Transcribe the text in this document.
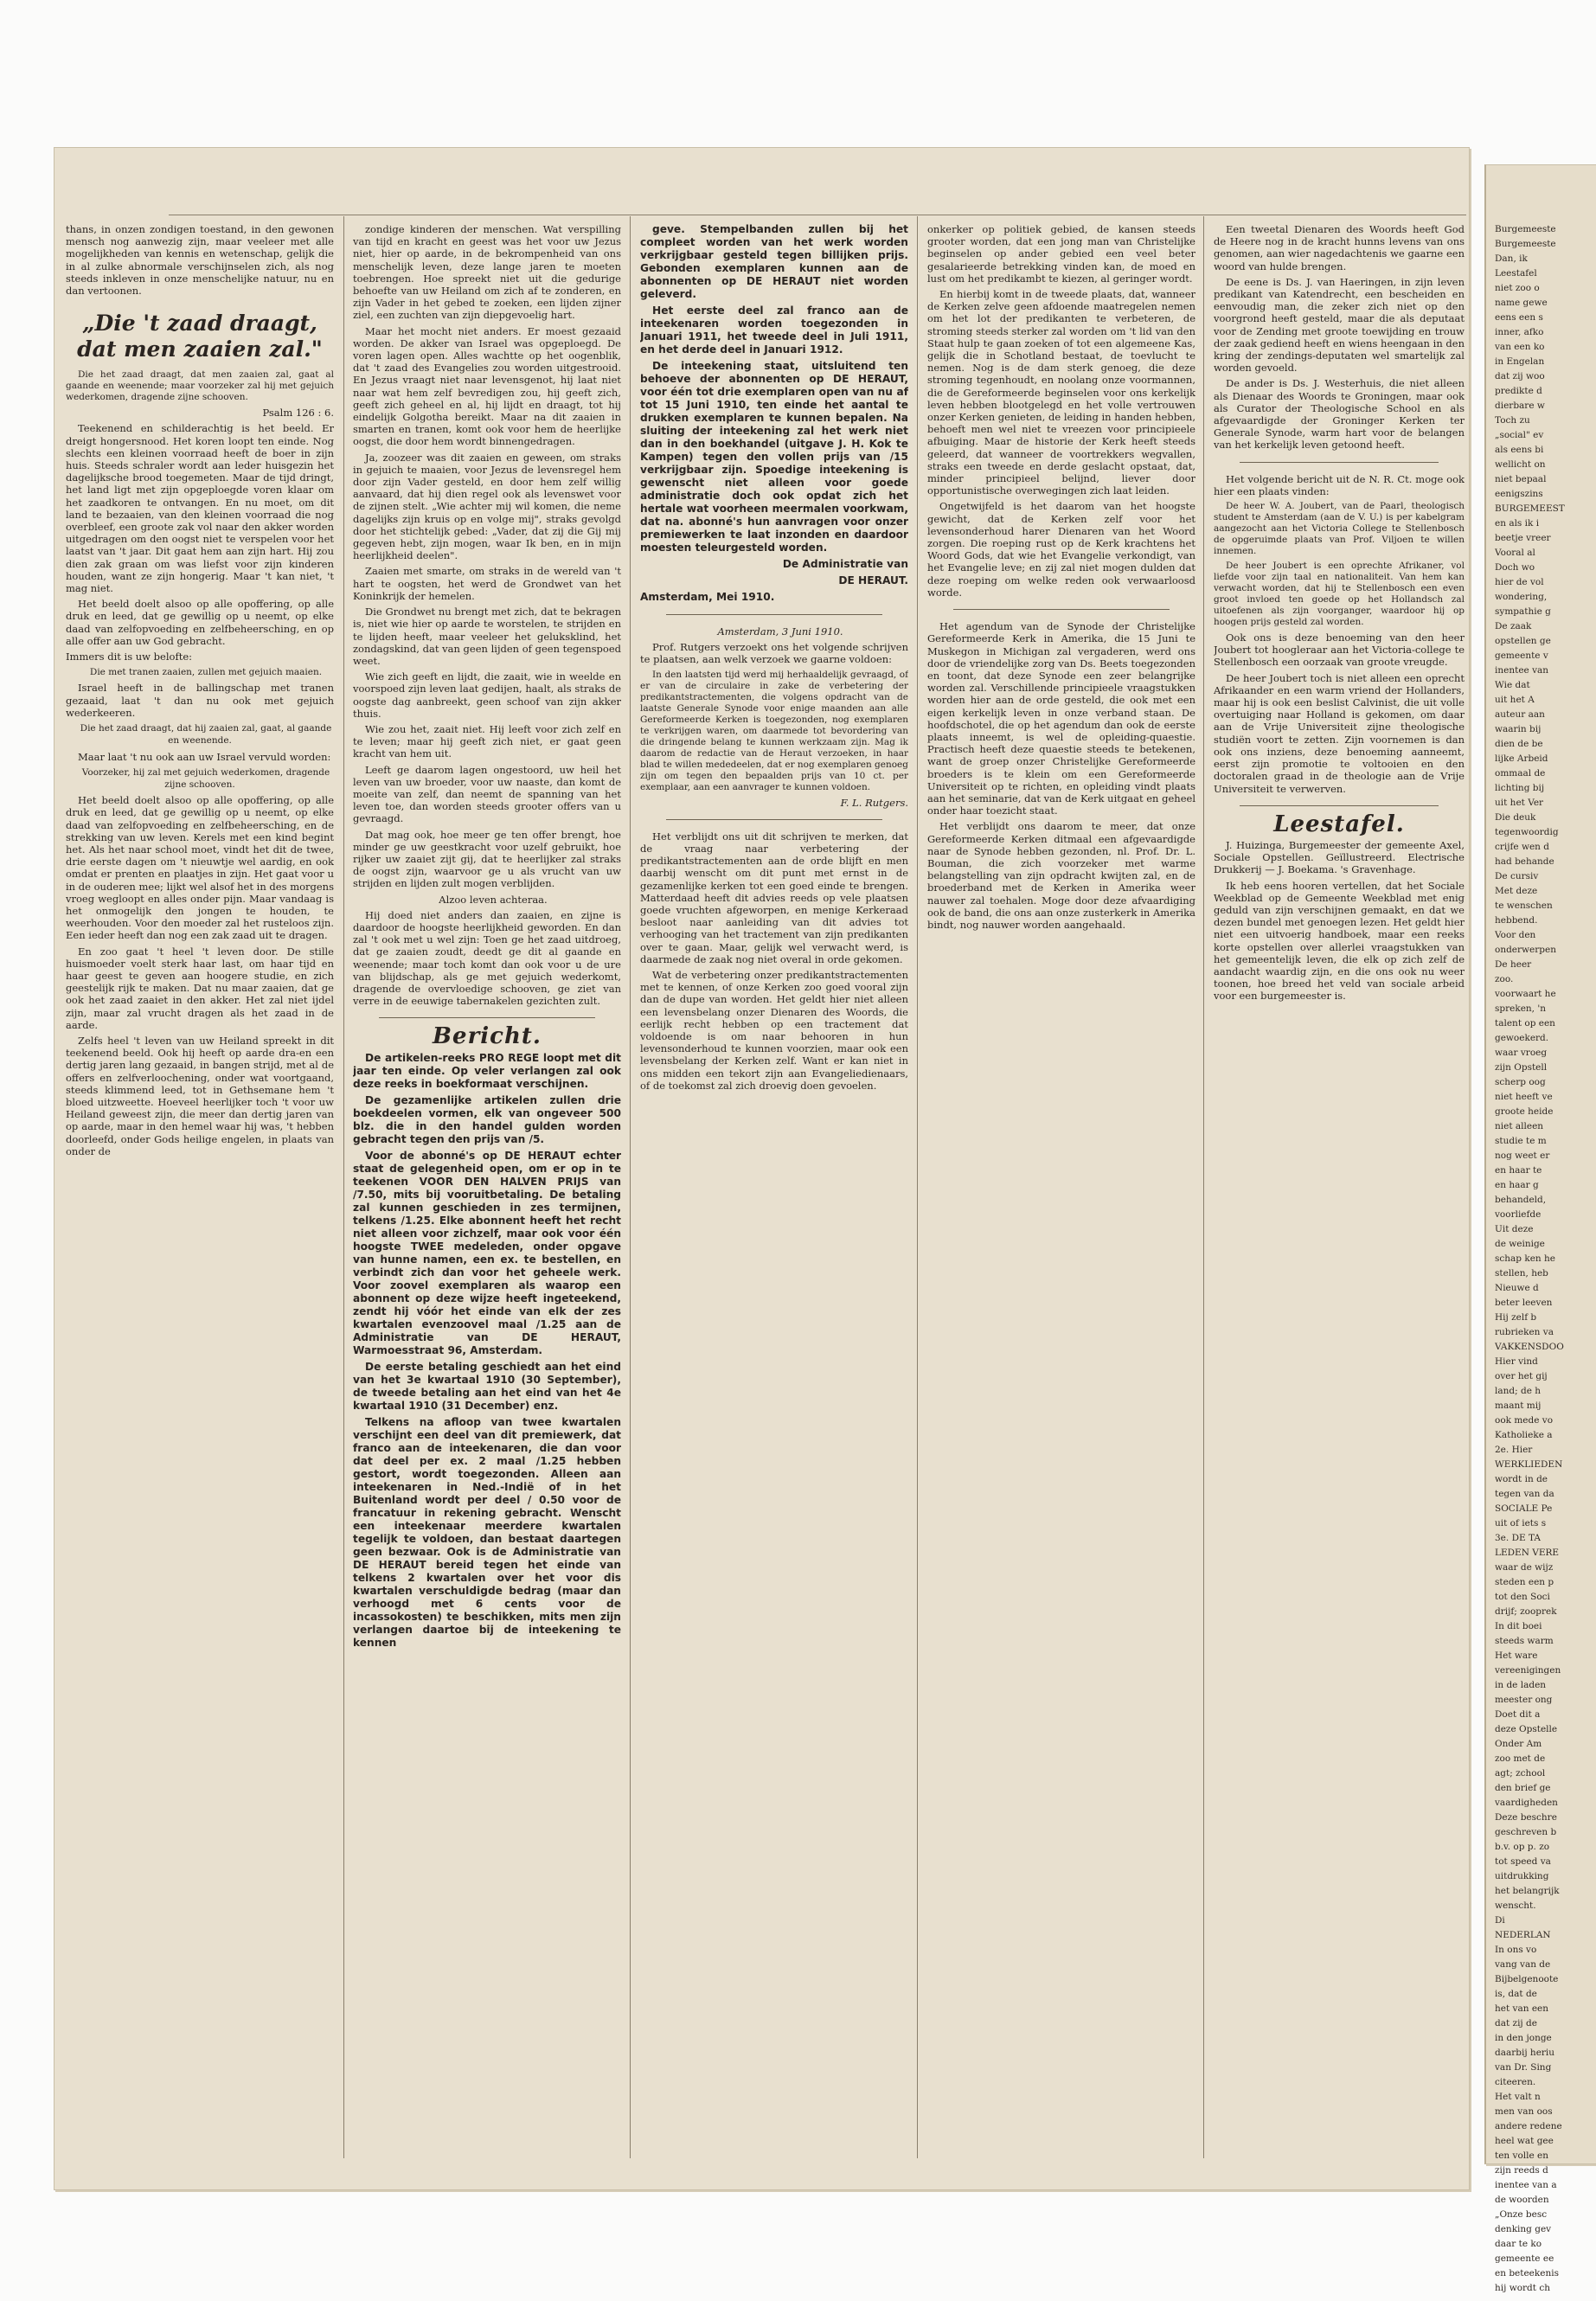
thans, in onzen zondigen toestand, in den gewonen mensch nog aanwezig zijn, maar veeleer met alle mogelijkheden van kennis en wetenschap, gelijk die in al zulke abnormale verschijnselen zich, als nog steeds inkleven in onze menschelijke natuur, nu en dan vertoonen.

„Die 't zaad draagt, dat men zaaien zal."

Die het zaad draagt, dat men zaaien zal, gaat al gaande en weenende; maar voorzeker zal hij met gejuich wederkomen, dragende zijne schooven.

Psalm 126 : 6.

Teekenend en schilderachtig is het beeld. Er dreigt hongersnood. Het koren loopt ten einde. Nog slechts een kleinen voorraad heeft de boer in zijn huis. Steeds schraler wordt aan leder huisgezin het dagelijksche brood toegemeten. Maar de tijd dringt, het land ligt met zijn opgeploegde voren klaar om het zaadkoren te ontvangen. En nu moet, om dit land te bezaaien, van den kleinen voorraad die nog overbleef, een groote zak vol naar den akker worden uitgedragen om den oogst niet te verspelen voor het laatst van 't jaar. Dit gaat hem aan zijn hart. Hij zou dien zak graan om was liefst voor zijn kinderen houden, want ze zijn hongerig. Maar 't kan niet, 't mag niet.

Het beeld doelt alsoo op alle opoffering, op alle druk en leed, dat ge gewillig op u neemt, op elke daad van zelfopvoeding en zelfbeheersching, en op alle offer aan uw God gebracht.

Immers dit is uw belofte:

Die met tranen zaaien, zullen met gejuich maaien.

Israel heeft in de ballingschap met tranen gezaaid, laat 't dan nu ook met gejuich wederkeeren.

Die het zaad draagt, dat hij zaaien zal, gaat, al gaande en weenende.

Maar laat 't nu ook aan uw Israel vervuld worden:

Voorzeker, hij zal met gejuich wederkomen, dragende zijne schooven.

Het beeld doelt alsoo op alle opoffering, op alle druk en leed, dat ge gewillig op u neemt, op elke daad van zelfopvoeding en zelfbeheersching, en de strekking van uw leven. Kerels met een kind begint het. Als het naar school moet, vindt het dit de twee, drie eerste dagen om 't nieuwtje wel aardig, en ook omdat er prenten en plaatjes in zijn. Het gaat voor u in de ouderen mee; lijkt wel alsof het in des morgens vroeg wegloopt en alles onder pijn. Maar vandaag is het onmogelijk den jongen te houden, te weerhouden. Voor den moeder zal het rusteloos zijn. Een ieder heeft dan nog een zak zaad uit te dragen.

En zoo gaat 't heel 't leven door. De stille huismoeder voelt sterk haar last, om haar tijd en haar geest te geven aan hoogere studie, en zich geestelijk rijk te maken. Dat nu maar zaaien, dat ge ook het zaad zaaiet in den akker. Het zal niet ijdel zijn, maar zal vrucht dragen als het zaad in de aarde.

Zelfs heel 't leven van uw Heiland spreekt in dit teekenend beeld. Ook hij heeft op aarde dra-en een dertig jaren lang gezaaid, in bangen strijd, met al de offers en zelfverloochening, onder wat voortgaand, steeds klimmend leed, tot in Gethsemane hem 't bloed uitzweette. Hoeveel heerlijker toch 't voor uw Heiland geweest zijn, die meer dan dertig jaren van op aarde, maar in den hemel waar hij was, 't hebben doorleefd, onder Gods heilige engelen, in plaats van onder de

zondige kinderen der menschen. Wat verspilling van tijd en kracht en geest was het voor uw Jezus niet, hier op aarde, in de bekrompenheid van ons menschelijk leven, deze lange jaren te moeten toebrengen. Hoe spreekt niet uit die gedurige behoefte van uw Heiland om zich af te zonderen, en zijn Vader in het gebed te zoeken, een lijden zijner ziel, een zuchten van zijn diepgevoelig hart.

Maar het mocht niet anders. Er moest gezaaid worden. De akker van Israel was opgeploegd. De voren lagen open. Alles wachtte op het oogenblik, dat 't zaad des Evangelies zou worden uitgestrooid. En Jezus vraagt niet naar levensgenot, hij laat niet naar wat hem zelf bevredigen zou, hij geeft zich, geeft zich geheel en al, hij lijdt en draagt, tot hij eindelijk Golgotha bereikt. Maar na dit zaaien in smarten en tranen, komt ook voor hem de heerlijke oogst, die door hem wordt binnengedragen.

Ja, zoozeer was dit zaaien en geween, om straks in gejuich te maaien, voor Jezus de levensregel hem door zijn Vader gesteld, en door hem zelf willig aanvaard, dat hij dien regel ook als levenswet voor de zijnen stelt. „Wie achter mij wil komen, die neme dagelijks zijn kruis op en volge mij", straks gevolgd door het stichtelijk gebed: „Vader, dat zij die Gij mij gegeven hebt, zijn mogen, waar Ik ben, en in mijn heerlijkheid deelen".

Zaaien met smarte, om straks in de wereld van 't hart te oogsten, het werd de Grondwet van het Koninkrijk der hemelen.

Die Grondwet nu brengt met zich, dat te bekragen is, niet wie hier op aarde te worstelen, te strijden en te lijden heeft, maar veeleer het geluksklind, het zondagskind, dat van geen lijden of geen tegenspoed weet.

Wie zich geeft en lijdt, die zaait, wie in weelde en voorspoed zijn leven laat gedijen, haalt, als straks de oogste dag aanbreekt, geen schoof van zijn akker thuis.

Wie zou het, zaait niet. Hij leeft voor zich zelf en te leven; maar hij geeft zich niet, er gaat geen kracht van hem uit.

Leeft ge daarom lagen ongestoord, uw heil het leven van uw broeder, voor uw naaste, dan komt de moeite van zelf, dan neemt de spanning van het leven toe, dan worden steeds grooter offers van u gevraagd.

Dat mag ook, hoe meer ge ten offer brengt, hoe minder ge uw geestkracht voor uzelf gebruikt, hoe rijker uw zaaiet zijt gij, dat te heerlijker zal straks de oogst zijn, waarvoor ge u als vrucht van uw strijden en lijden zult mogen verblijden.

Alzoo leven achteraa.

Hij doed niet anders dan zaaien, en zijne is daardoor de hoogste heerlijkheid geworden. En dan zal 't ook met u wel zijn: Toen ge het zaad uitdroeg, dat ge zaaien zoudt, deedt ge dit al gaande en weenende; maar toch komt dan ook voor u de ure van blijdschap, als ge met gejuich wederkomt, dragende de overvloedige schooven, ge ziet van verre in de eeuwige tabernakelen gezichten zult.

Bericht.

De artikelen-reeks PRO REGE loopt met dit jaar ten einde. Op veler verlangen zal ook deze reeks in boekformaat verschijnen.

De gezamenlijke artikelen zullen drie boekdeelen vormen, elk van ongeveer 500 blz. die in den handel gulden worden gebracht tegen den prijs van /5.

Voor de abonné's op DE HERAUT echter staat de gelegenheid open, om er op in te teekenen VOOR DEN HALVEN PRIJS van /7.50, mits bij vooruitbetaling. De betaling zal kunnen geschieden in zes termijnen, telkens /1.25. Elke abonnent heeft het recht niet alleen voor zichzelf, maar ook voor één hoogste TWEE medeleden, onder opgave van hunne namen, een ex. te bestellen, en verbindt zich dan voor het geheele werk. Voor zoovel exemplaren als waarop een abonnent op deze wijze heeft ingeteekend, zendt hij vóór het einde van elk der zes kwartalen evenzoovel maal /1.25 aan de Administratie van DE HERAUT, Warmoesstraat 96, Amsterdam.

De eerste betaling geschiedt aan het eind van het 3e kwartaal 1910 (30 September), de tweede betaling aan het eind van het 4e kwartaal 1910 (31 December) enz.

Telkens na afloop van twee kwartalen verschijnt een deel van dit premiewerk, dat franco aan de inteekenaren, die dan voor dat deel per ex. 2 maal /1.25 hebben gestort, wordt toegezonden. Alleen aan inteekenaren in Ned.-Indië of in het Buitenland wordt per deel / 0.50 voor de francatuur in rekening gebracht. Wenscht een inteekenaar meerdere kwartalen tegelijk te voldoen, dan bestaat daartegen geen bezwaar. Ook is de Administratie van DE HERAUT bereid tegen het einde van telkens 2 kwartalen over het voor dis kwartalen verschuldigde bedrag (maar dan verhoogd met 6 cents voor de incassokosten) te beschikken, mits men zijn verlangen daartoe bij de inteekening te kennen

geve. Stempelbanden zullen bij het compleet worden van het werk worden verkrijgbaar gesteld tegen billijken prijs. Gebonden exemplaren kunnen aan de abonnenten op DE HERAUT niet worden geleverd.

Het eerste deel zal franco aan de inteekenaren worden toegezonden in Januari 1911, het tweede deel in Juli 1911, en het derde deel in Januari 1912.

De inteekening staat, uitsluitend ten behoeve der abonnenten op DE HERAUT, voor één tot drie exemplaren open van nu af tot 15 Juni 1910, ten einde het aantal te drukken exemplaren te kunnen bepalen. Na sluiting der inteekening zal het werk niet dan in den boekhandel (uitgave J. H. Kok te Kampen) tegen den vollen prijs van /15 verkrijgbaar zijn. Spoedige inteekening is gewenscht niet alleen voor goede administratie doch ook opdat zich het hertale wat voorheen meermalen voorkwam, dat na. abonné's hun aanvragen voor onzer premiewerken te laat inzonden en daardoor moesten teleurgesteld worden.

De Administratie van

DE HERAUT.

Amsterdam, Mei 1910.

Amsterdam, 3 Juni 1910.

Prof. Rutgers verzoekt ons het volgende schrijven te plaatsen, aan welk verzoek we gaarne voldoen:

In den laatsten tijd werd mij herhaaldelijk gevraagd, of er van de circulaire in zake de verbetering der predikantstractementen, die volgens opdracht van de laatste Generale Synode voor enige maanden aan alle Gereformeerde Kerken is toegezonden, nog exemplaren te verkrijgen waren, om daarmede tot bevordering van die dringende belang te kunnen werkzaam zijn. Mag ik daarom de redactie van de Heraut verzoeken, in haar blad te willen mededeelen, dat er nog exemplaren genoeg zijn om tegen den bepaalden prijs van 10 ct. per exemplaar, aan een aanvrager te kunnen voldoen.

F. L. Rutgers.

Het verblijdt ons uit dit schrijven te merken, dat de vraag naar verbetering der predikantstractementen aan de orde blijft en men daarbij wenscht om dit punt met ernst in de gezamenlijke kerken tot een goed einde te brengen. Matterdaad heeft dit advies reeds op vele plaatsen goede vruchten afgeworpen, en menige Kerkeraad besloot naar aanleiding van dit advies tot verhooging van het tractement van zijn predikanten over te gaan. Maar, gelijk wel verwacht werd, is daarmede de zaak nog niet overal in orde gekomen.

Wat de verbetering onzer predikantstractementen met te kennen, of onze Kerken zoo goed vooral zijn dan de dupe van worden. Het geldt hier niet alleen een levensbelang onzer Dienaren des Woords, die eerlijk recht hebben op een tractement dat voldoende is om naar behooren in hun levensonderhoud te kunnen voorzien, maar ook een levensbelang der Kerken zelf. Want er kan niet in ons midden een tekort zijn aan Evangeliedienaars, of de toekomst zal zich droevig doen gevoelen.

onkerker op politiek gebied, de kansen steeds grooter worden, dat een jong man van Christelijke beginselen op ander gebied een veel beter gesalarieerde betrekking vinden kan, de moed en lust om het predikambt te kiezen, al geringer wordt.

En hierbij komt in de tweede plaats, dat, wanneer de Kerken zelve geen afdoende maatregelen nemen om het lot der predikanten te verbeteren, de stroming steeds sterker zal worden om 't lid van den Staat hulp te gaan zoeken of tot een algemeene Kas, gelijk die in Schotland bestaat, de toevlucht te nemen. Nog is de dam sterk genoeg, die deze stroming tegenhoudt, en noolang onze voormannen, die de Gereformeerde beginselen voor ons kerkelijk leven hebben blootgelegd en het volle vertrouwen onzer Kerken genieten, de leiding in handen hebben, behoeft men wel niet te vreezen voor principieele afbuiging. Maar de historie der Kerk heeft steeds geleerd, dat wanneer de voortrekkers wegvallen, straks een tweede en derde geslacht opstaat, dat, minder principieel belijnd, liever door opportunistische overwegingen zich laat leiden.

Ongetwijfeld is het daarom van het hoogste gewicht, dat de Kerken zelf voor het levensonderhoud harer Dienaren van het Woord zorgen. Die roeping rust op de Kerk krachtens het Woord Gods, dat wie het Evangelie verkondigt, van het Evangelie leve; en zij zal niet mogen dulden dat deze roeping om welke reden ook verwaarloosd worde.

Het agendum van de Synode der Christelijke Gereformeerde Kerk in Amerika, die 15 Juni te Muskegon in Michigan zal vergaderen, werd ons door de vriendelijke zorg van Ds. Beets toegezonden en toont, dat deze Synode een zeer belangrijke worden zal. Verschillende principieele vraagstukken worden hier aan de orde gesteld, die ook met een eigen kerkelijk leven in onze verband staan. De hoofdschotel, die op het agendum dan ook de eerste plaats inneemt, is wel de opleiding-quaestie. Practisch heeft deze quaestie steeds te betekenen, want de groep onzer Christelijke Gereformeerde broeders is te klein om een Gereformeerde Universiteit op te richten, en opleiding vindt plaats aan het seminarie, dat van de Kerk uitgaat en geheel onder haar toezicht staat.

Het verblijdt ons daarom te meer, dat onze Gereformeerde Kerken ditmaal een afgevaardigde naar de Synode hebben gezonden, nl. Prof. Dr. L. Bouman, die zich voorzeker met warme belangstelling van zijn opdracht kwijten zal, en de broederband met de Kerken in Amerika weer nauwer zal toehalen. Moge door deze afvaardiging ook de band, die ons aan onze zusterkerk in Amerika bindt, nog nauwer worden aangehaald.

Een tweetal Dienaren des Woords heeft God de Heere nog in de kracht hunns levens van ons genomen, aan wier nagedachtenis we gaarne een woord van hulde brengen.

De eene is Ds. J. van Haeringen, in zijn leven predikant van Katendrecht, een bescheiden en eenvoudig man, die zeker zich niet op den voorgrond heeft gesteld, maar die als deputaat voor de Zending met groote toewijding en trouw der zaak gediend heeft en wiens heengaan in den kring der zendings-deputaten wel smartelijk zal worden gevoeld.

De ander is Ds. J. Westerhuis, die niet alleen als Dienaar des Woords te Groningen, maar ook als Curator der Theologische School en als afgevaardigde der Groninger Kerken ter Generale Synode, warm hart voor de belangen van het kerkelijk leven getoond heeft.

Het volgende bericht uit de N. R. Ct. moge ook hier een plaats vinden:

De heer W. A. Joubert, van de Paarl, theologisch student te Amsterdam (aan de V. U.) is per kabelgram aangezocht aan het Victoria College te Stellenbosch de opgeruimde plaats van Prof. Viljoen te willen innemen.

De heer Joubert is een oprechte Afrikaner, vol liefde voor zijn taal en nationaliteit. Van hem kan verwacht worden, dat hij te Stellenbosch een even groot invloed ten goede op het Hollandsch zal uitoefenen als zijn voorganger, waardoor hij op hoogen prijs gesteld zal worden.

Ook ons is deze benoeming van den heer Joubert tot hoogleraar aan het Victoria-college te Stellenbosch een oorzaak van groote vreugde.

De heer Joubert toch is niet alleen een oprecht Afrikaander en een warm vriend der Hollanders, maar hij is ook een beslist Calvinist, die uit volle overtuiging naar Holland is gekomen, om daar aan de Vrije Universiteit zijne theologische studiën voort te zetten. Zijn voornemen is dan ook ons inziens, deze benoeming aanneemt, eerst zijn promotie te voltooien en den doctoralen graad in de theologie aan de Vrije Universiteit te verwerven.

Leestafel.

J. Huizinga, Burgemeester der gemeente Axel, Sociale Opstellen. Geïllustreerd. Electrische Drukkerij — J. Boekama. 's Gravenhage.

Ik heb eens hooren vertellen, dat het Sociale Weekblad op de Gemeente Weekblad met enig geduld van zijn verschijnen gemaakt, en dat we dezen bundel met genoegen lezen. Het geldt hier niet een uitvoerig handboek, maar een reeks korte opstellen over allerlei vraagstukken van het gemeentelijk leven, die elk op zich zelf de aandacht waardig zijn, en die ons ook nu weer toonen, hoe breed het veld van sociale arbeid voor een burgemeester is.

Burgemeeste

Burgemeeste

Dan, ik

Leestafel

niet zoo o

name gewe

eens een s

inner, afko

van een ko

in Engelan

dat zij woo

predikte d

dierbare w

Toch zu

„social" ev

als eens bi

wellicht on

niet bepaal

eenigszins

BURGEMEEST

en als ik i

beetje vreer

Vooral al

Doch wo

hier de vol

wondering,

sympathie g

De zaak

opstellen ge

gemeente v

inentee van

Wie dat

uit het A

auteur aan

waarin bij

dien de be

lijke Arbeid

ommaal de

lichting bij

uit het Ver

Die deuk

tegenwoordig

crijfe wen d

had behande

De cursiv

Met deze

te wenschen

hebbend.

Voor den

onderwerpen

De heer

zoo.

voorwaart he

spreken, 'n

talent op een

gewoekerd.

waar vroeg

zijn Opstell

scherp oog

niet heeft ve

groote heide

niet alleen

studie te m

nog weet er

en haar te

en haar g

behandeld,

voorliefde

Uit deze

de weinige

schap ken he

stellen, heb

Nieuwe d

beter leeven

Hij zelf b

rubrieken va

VAKKENSDOO

Hier vind

over het gij

land; de h

maant mij

ook mede vo

Katholieke a

2e. Hier

WERKLIEDEN

wordt in de

tegen van da

SOCIALE Pe

uit of iets s

3e. DE TA

LEDEN VERE

waar de wijz

steden een p

tot den Soci

drijf; zooprek

In dit boei

steeds warm

Het ware

vereenigingen

in de laden

meester ong

Doet dit a

deze Opstelle

Onder Am

zoo met de

agt; zchool

den brief ge

vaardigheden

Deze beschre

geschreven b

b.v. op p. zo

tot speed va

uitdrukking

het belangrijk

wenscht.

Di

NEDERLAN

In ons vo

vang van de

Bijbelgenoote

is, dat de

het van een

dat zij de

in den jonge

daarbij heriu

van Dr. Sing

citeeren.

Het valt n

men van oos

andere redene

heel wat gee

ten volle en

zijn reeds d

inentee van a

de woorden

„Onze besc

denking gev

daar te ko

gemeente ee

en beteekenis

hij wordt ch
